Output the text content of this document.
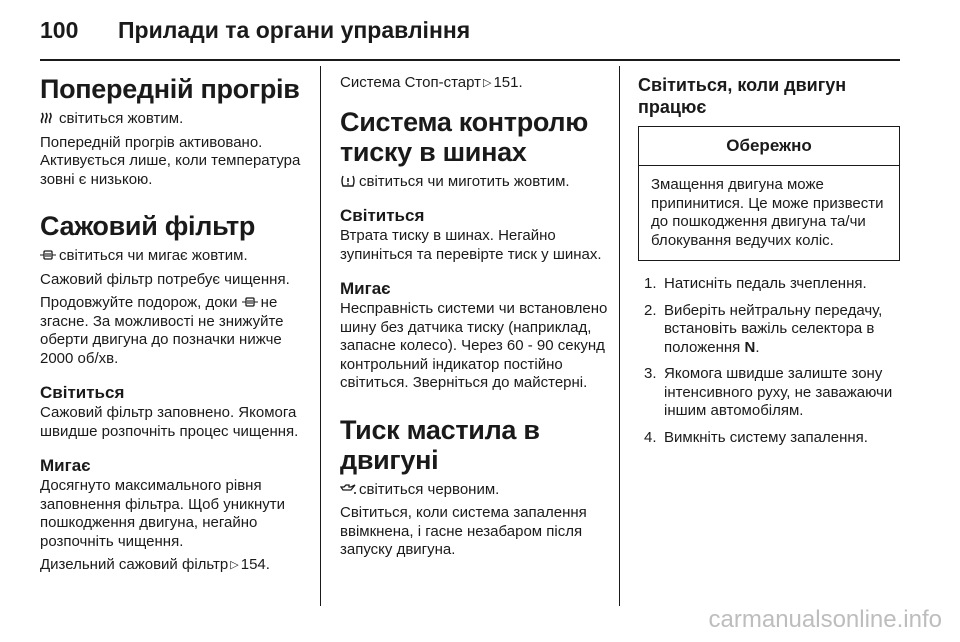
100 Прилади та органи управління
Попередній прогрів

світиться жовтим.

Попередній прогрів активовано. Активується лише, коли температура зовні є низькою.

Сажовий фільтр

світиться чи мигає жовтим.

Сажовий фільтр потребує чищення.

Продовжуйте подорож, доки не згасне. За можливості не знижуйте оберти двигуна до позначки нижче 2000 об/хв.

Світиться

Сажовий фільтр заповнено. Якомога швидше розпочніть процес чищення.

Мигає

Досягнуто максимального рівня заповнення фільтра. Щоб уникнути пошкодження двигуна, негайно розпочніть чищення.

Дизельний сажовий фільтр ▷ 154.

Система Стоп-старт ▷ 151.

Система контролю тиску в шинах

світиться чи миготить жовтим.

Світиться

Втрата тиску в шинах. Негайно зупиніться та перевірте тиск у шинах.

Мигає

Несправність системи чи встановлено шину без датчика тиску (наприклад, запасне колесо). Через 60 - 90 секунд контрольний індикатор постійно світиться. Зверніться до майстерні.

Тиск мастила в двигуні

світиться червоним.

Світиться, коли система запалення ввімкнена, і гасне незабаром після запуску двигуна.

Світиться, коли двигун працює
Обережно
Змащення двигуна може припинитися. Це може призвести до пошкодження двигуна та/чи блокування ведучих коліс.
1. Натисніть педаль зчеплення.
2. Виберіть нейтральну передачу, встановіть важіль селектора в положення N.
3. Якомога швидше залиште зону інтенсивного руху, не заважаючи іншим автомобілям.
4. Вимкніть систему запалення.
carmanualsonline.info
